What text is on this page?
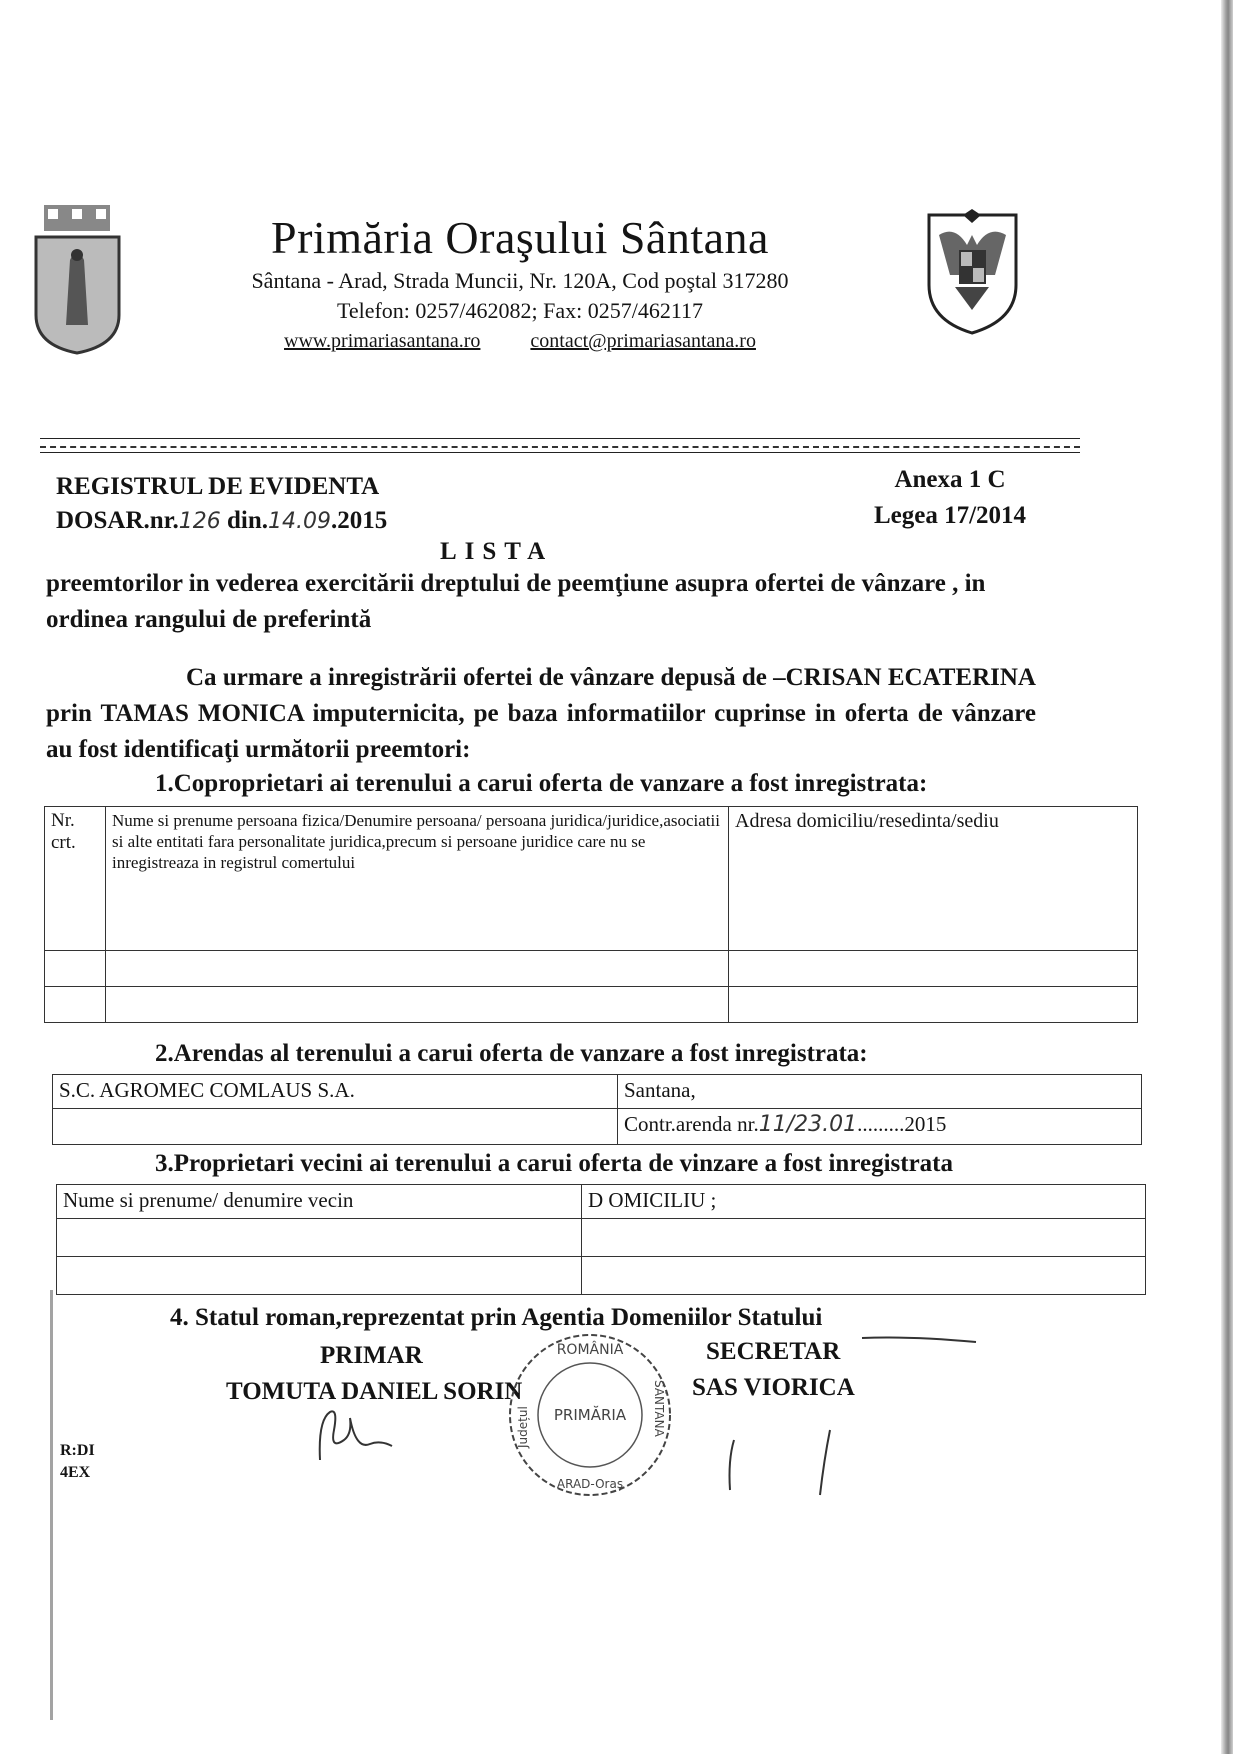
Primăria Oraşului Sântana
Sântana - Arad, Strada Muncii, Nr. 120A, Cod poştal 317280
Telefon: 0257/462082; Fax: 0257/462117
www.primariasantana.ro	contact@primariasantana.ro
REGISTRUL DE EVIDENTA
DOSAR.nr.126 din.14.09.2015
Anexa 1 C
Legea 17/2014
LISTA
preemtorilor in vederea exercitării dreptului de peemţiune asupra ofertei de vânzare , in ordinea rangului de preferintă
Ca urmare a inregistrării ofertei de vânzare depusă de –CRISAN ECATERINA prin TAMAS MONICA imputernicita, pe baza informatiilor cuprinse in oferta de vânzare au fost identificaţi următorii preemtori:
1.Coproprietari ai terenului a carui oferta de vanzare a fost inregistrata:
Nr. crt.	Nume si prenume persoana fizica/Denumire persoana/ persoana juridica/juridice,asociatii si alte entitati fara personalitate juridica,precum si persoane juridice care nu se inregistreaza in registrul comertului	Adresa domiciliu/resedinta/sediu

2.Arendas al terenului a carui oferta de vanzare a fost inregistrata:
S.C. AGROMEC COMLAUS S.A.	Santana,
	Contr.arenda nr.11/23.01.........2015
3.Proprietari vecini ai terenului a carui oferta de vinzare a fost inregistrata
Nume si prenume/ denumire vecin	D OMICILIU ;

4. Statul roman,reprezentat prin Agentia Domeniilor Statului
PRIMAR
TOMUTA DANIEL SORIN
SECRETAR
SAS VIORICA
ROMÂNIA
PRIMĂRIA
Județul	SÂNTANA
ARAD-Oraș
R:DI
4EX
